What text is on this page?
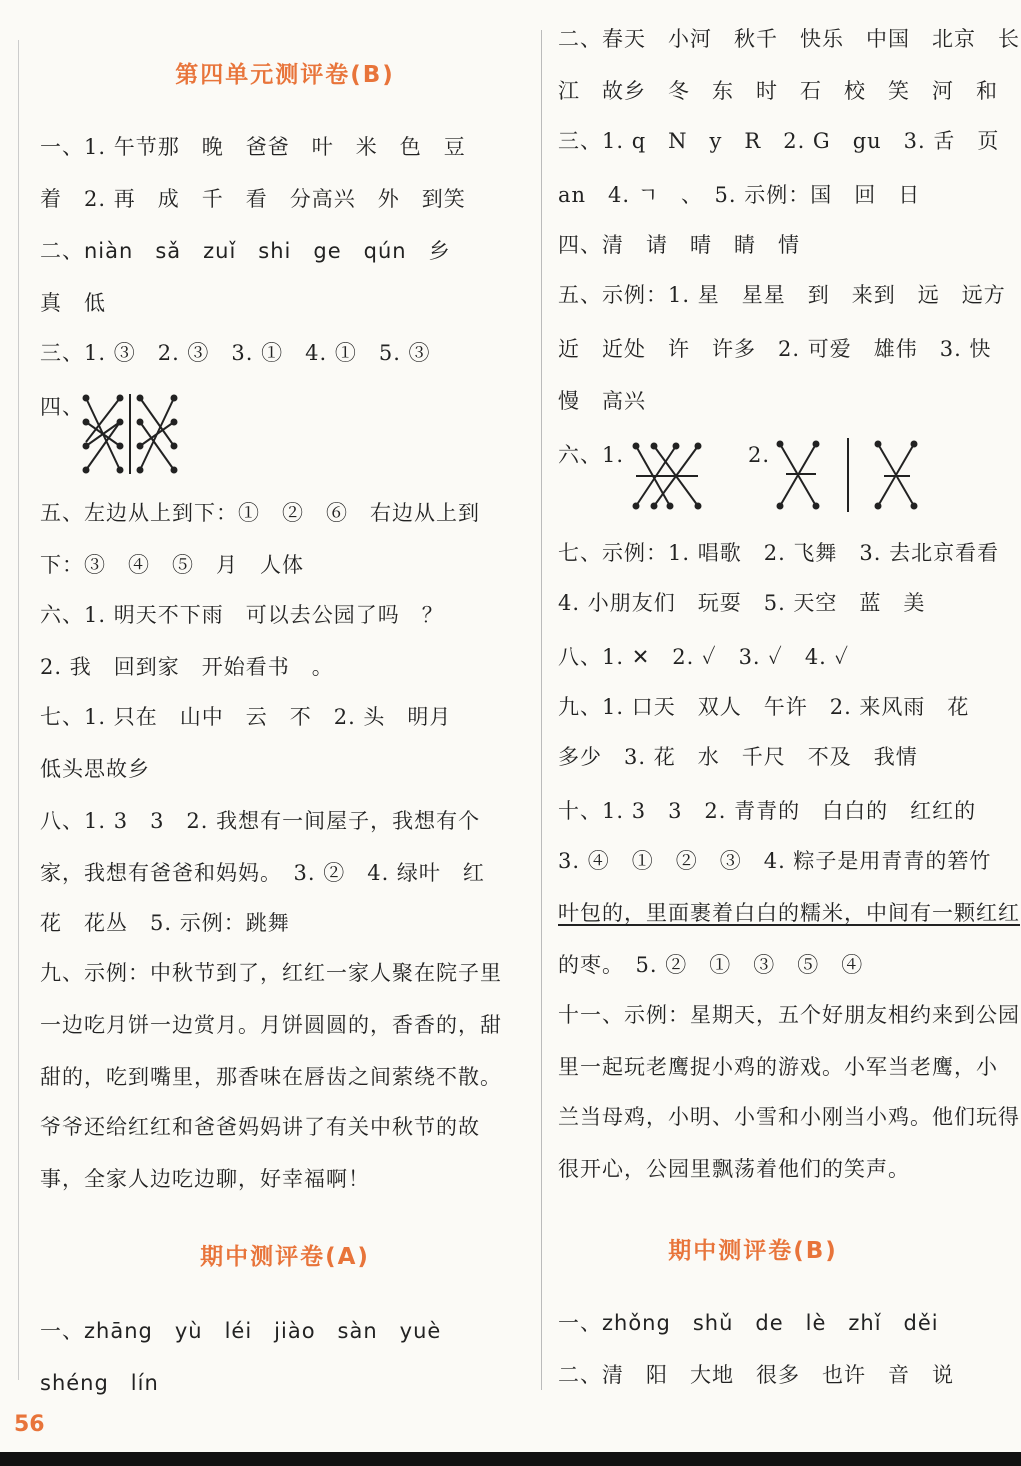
第四单元测评卷(B)
一、1. 午节那　晚　爸爸　叶　米　色　豆
着　2. 再　成　千　看　分高兴　外　到笑
二、niàn　sǎ　zuǐ　shi　ge　qún　乡
真　低
三、1. ③　2. ③　3. ①　4. ①　5. ③
四、
五、左边从上到下：①　②　⑥　右边从上到
下：③　④　⑤　月　人体
六、1. 明天不下雨　可以去公园了吗　？
2. 我　回到家　开始看书　。
七、1. 只在　山中　云　不　2. 头　明月
低头思故乡
八、1. 3　3　2. 我想有一间屋子，我想有个
家，我想有爸爸和妈妈。　3. ②　4. 绿叶　红
花　花丛　5. 示例：跳舞
九、示例：中秋节到了，红红一家人聚在院子里
一边吃月饼一边赏月。月饼圆圆的，香香的，甜
甜的，吃到嘴里，那香味在唇齿之间萦绕不散。
爷爷还给红红和爸爸妈妈讲了有关中秋节的故
事，全家人边吃边聊，好幸福啊！
期中测评卷(A)
一、zhāng　yù　léi　jiào　sàn　yuè
shéng　lín
二、春天　小河　秋千　快乐　中国　北京　长
江　故乡　冬　东　时　石　校　笑　河　和
三、1. q　N　y　R　2. G　gu　3. 舌　页
an　4. ㄱ　、　5. 示例：国　回　日
四、清　请　晴　睛　情
五、示例：1. 星　星星　到　来到　远　远方
近　近处　许　许多　2. 可爱　雄伟　3. 快
慢　高兴
六、1.	2.
七、示例：1. 唱歌　2. 飞舞　3. 去北京看看
4. 小朋友们　玩耍　5. 天空　蓝　美
八、1. ✕　2. ✓　3. ✓　4. ✓
九、1. 口天　双人　午许　2. 来风雨　花
多少　3. 花　水　千尺　不及　我情
十、1. 3　3　2. 青青的　白白的　红红的
3. ④　①　②　③　4. 粽子是用青青的箬竹
叶包的，里面裹着白白的糯米，中间有一颗红红
的枣。　5. ②　①　③　⑤　④
十一、示例：星期天，五个好朋友相约来到公园
里一起玩老鹰捉小鸡的游戏。小军当老鹰，小
兰当母鸡，小明、小雪和小刚当小鸡。他们玩得
很开心，公园里飘荡着他们的笑声。
期中测评卷(B)
一、zhǒng　shǔ　de　lè　zhǐ　děi
二、清　阳　大地　很多　也许　音　说
56
